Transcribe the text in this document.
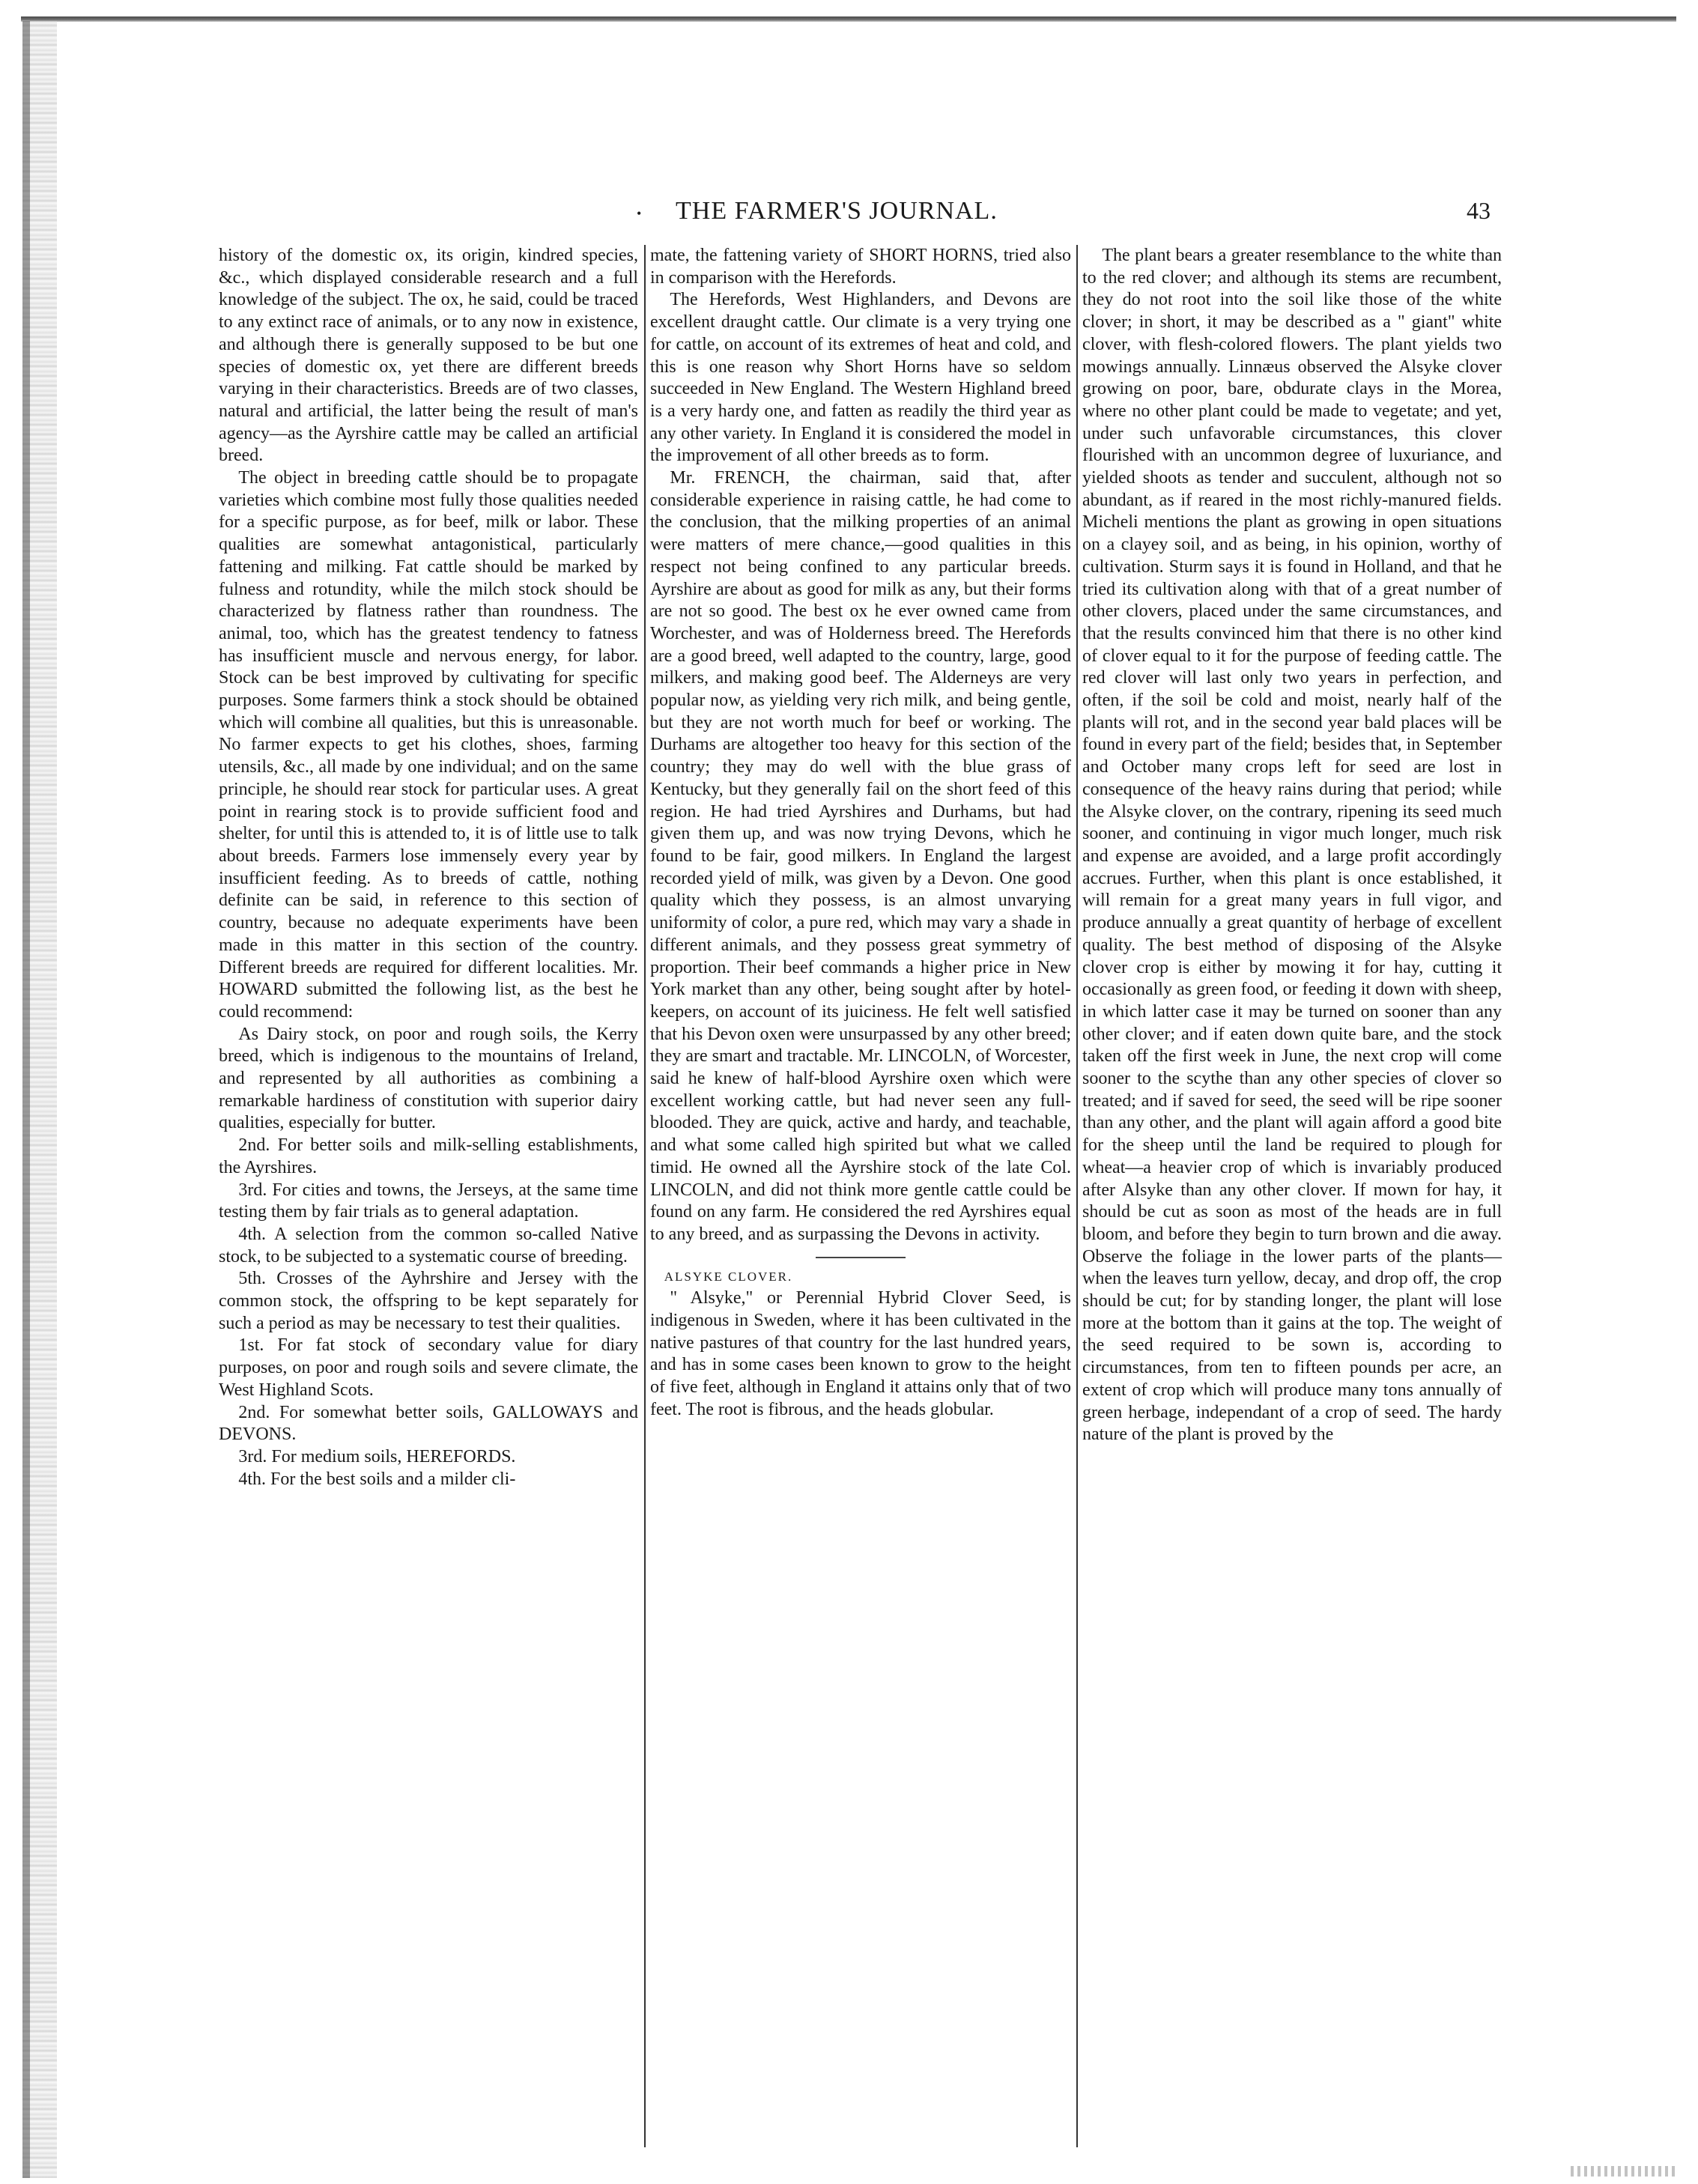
• THE FARMER'S JOURNAL.	43

history of the domestic ox, its origin, kindred species, &c., which displayed considerable research and a full knowledge of the subject. The ox, he said, could be traced to any extinct race of animals, or to any now in existence, and although there is generally supposed to be but one species of domestic ox, yet there are different breeds varying in their characteristics. Breeds are of two classes, natural and artificial, the latter being the result of man's agency—as the Ayrshire cattle may be called an artificial breed.

The object in breeding cattle should be to propagate varieties which combine most fully those qualities needed for a specific purpose, as for beef, milk or labor. These qualities are somewhat antagonistical, particularly fattening and milking. Fat cattle should be marked by fulness and rotundity, while the milch stock should be characterized by flatness rather than roundness. The animal, too, which has the greatest tendency to fatness has insufficient muscle and nervous energy, for labor. Stock can be best improved by cultivating for specific purposes. Some farmers think a stock should be obtained which will combine all qualities, but this is unreasonable. No farmer expects to get his clothes, shoes, farming utensils, &c., all made by one individual; and on the same principle, he should rear stock for particular uses. A great point in rearing stock is to provide sufficient food and shelter, for until this is attended to, it is of little use to talk about breeds. Farmers lose immensely every year by insufficient feeding. As to breeds of cattle, nothing definite can be said, in reference to this section of country, because no adequate experiments have been made in this matter in this section of the country. Different breeds are required for different localities. Mr. HOWARD submitted the following list, as the best he could recommend:

As Dairy stock, on poor and rough soils, the Kerry breed, which is indigenous to the mountains of Ireland, and represented by all authorities as combining a remarkable hardiness of constitution with superior dairy qualities, especially for butter.

2nd. For better soils and milk-selling establishments, the Ayrshires.

3rd. For cities and towns, the Jerseys, at the same time testing them by fair trials as to general adaptation.

4th. A selection from the common so-called Native stock, to be subjected to a systematic course of breeding.

5th. Crosses of the Ayhrshire and Jersey with the common stock, the offspring to be kept separately for such a period as may be necessary to test their qualities.

1st. For fat stock of secondary value for diary purposes, on poor and rough soils and severe climate, the West Highland Scots.

2nd. For somewhat better soils, GALLOWAYS and DEVONS.

3rd. For medium soils, HEREFORDS.

4th. For the best soils and a milder cli-

mate, the fattening variety of SHORT HORNS, tried also in comparison with the Herefords.

The Herefords, West Highlanders, and Devons are excellent draught cattle. Our climate is a very trying one for cattle, on account of its extremes of heat and cold, and this is one reason why Short Horns have so seldom succeeded in New England. The Western Highland breed is a very hardy one, and fatten as readily the third year as any other variety. In England it is considered the model in the improvement of all other breeds as to form.

Mr. FRENCH, the chairman, said that, after considerable experience in raising cattle, he had come to the conclusion, that the milking properties of an animal were matters of mere chance,—good qualities in this respect not being confined to any particular breeds. Ayrshire are about as good for milk as any, but their forms are not so good. The best ox he ever owned came from Worchester, and was of Holderness breed. The Herefords are a good breed, well adapted to the country, large, good milkers, and making good beef. The Alderneys are very popular now, as yielding very rich milk, and being gentle, but they are not worth much for beef or working. The Durhams are altogether too heavy for this section of the country; they may do well with the blue grass of Kentucky, but they generally fail on the short feed of this region. He had tried Ayrshires and Durhams, but had given them up, and was now trying Devons, which he found to be fair, good milkers. In England the largest recorded yield of milk, was given by a Devon. One good quality which they possess, is an almost unvarying uniformity of color, a pure red, which may vary a shade in different animals, and they possess great symmetry of proportion. Their beef commands a higher price in New York market than any other, being sought after by hotel-keepers, on account of its juiciness. He felt well satisfied that his Devon oxen were unsurpassed by any other breed; they are smart and tractable. Mr. LINCOLN, of Worcester, said he knew of half-blood Ayrshire oxen which were excellent working cattle, but had never seen any full-blooded. They are quick, active and hardy, and teachable, and what some called high spirited but what we called timid. He owned all the Ayrshire stock of the late Col. LINCOLN, and did not think more gentle cattle could be found on any farm. He considered the red Ayrshires equal to any breed, and as surpassing the Devons in activity.

ALSYKE CLOVER.

" Alsyke," or Perennial Hybrid Clover Seed, is indigenous in Sweden, where it has been cultivated in the native pastures of that country for the last hundred years, and has in some cases been known to grow to the height of five feet, although in England it attains only that of two feet. The root is fibrous, and the heads globular.

The plant bears a greater resemblance to the white than to the red clover; and although its stems are recumbent, they do not root into the soil like those of the white clover; in short, it may be described as a " giant" white clover, with flesh-colored flowers. The plant yields two mowings annually. Linnæus observed the Alsyke clover growing on poor, bare, obdurate clays in the Morea, where no other plant could be made to vegetate; and yet, under such unfavorable circumstances, this clover flourished with an uncommon degree of luxuriance, and yielded shoots as tender and succulent, although not so abundant, as if reared in the most richly-manured fields. Micheli mentions the plant as growing in open situations on a clayey soil, and as being, in his opinion, worthy of cultivation. Sturm says it is found in Holland, and that he tried its cultivation along with that of a great number of other clovers, placed under the same circumstances, and that the results convinced him that there is no other kind of clover equal to it for the purpose of feeding cattle. The red clover will last only two years in perfection, and often, if the soil be cold and moist, nearly half of the plants will rot, and in the second year bald places will be found in every part of the field; besides that, in September and October many crops left for seed are lost in consequence of the heavy rains during that period; while the Alsyke clover, on the contrary, ripening its seed much sooner, and continuing in vigor much longer, much risk and expense are avoided, and a large profit accordingly accrues. Further, when this plant is once established, it will remain for a great many years in full vigor, and produce annually a great quantity of herbage of excellent quality. The best method of disposing of the Alsyke clover crop is either by mowing it for hay, cutting it occasionally as green food, or feeding it down with sheep, in which latter case it may be turned on sooner than any other clover; and if eaten down quite bare, and the stock taken off the first week in June, the next crop will come sooner to the scythe than any other species of clover so treated; and if saved for seed, the seed will be ripe sooner than any other, and the plant will again afford a good bite for the sheep until the land be required to plough for wheat—a heavier crop of which is invariably produced after Alsyke than any other clover. If mown for hay, it should be cut as soon as most of the heads are in full bloom, and before they begin to turn brown and die away. Observe the foliage in the lower parts of the plants—when the leaves turn yellow, decay, and drop off, the crop should be cut; for by standing longer, the plant will lose more at the bottom than it gains at the top. The weight of the seed required to be sown is, according to circumstances, from ten to fifteen pounds per acre, an extent of crop which will produce many tons annually of green herbage, independant of a crop of seed. The hardy nature of the plant is proved by the
